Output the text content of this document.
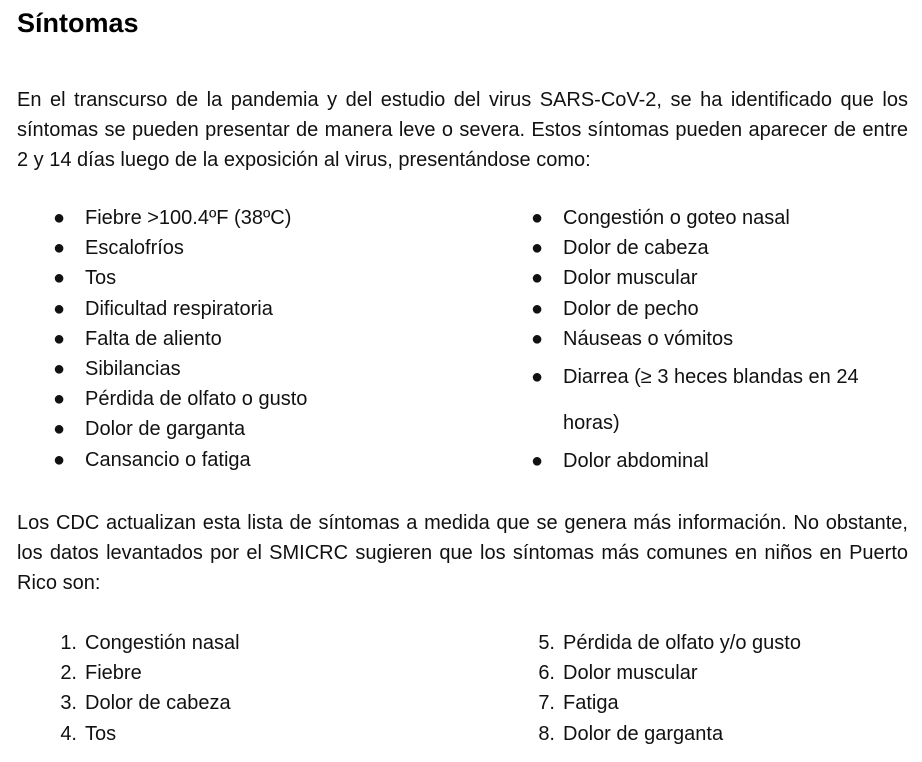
Síntomas

En el transcurso de la pandemia y del estudio del virus SARS-CoV-2, se ha identificado que los síntomas se pueden presentar de manera leve o severa. Estos síntomas pueden aparecer de entre 2 y 14 días luego de la exposición al virus, presentándose como:

● Fiebre >100.4ºF (38ºC)
● Escalofríos
● Tos
● Dificultad respiratoria
● Falta de aliento
● Sibilancias
● Pérdida de olfato o gusto
● Dolor de garganta
● Cansancio o fatiga
● Congestión o goteo nasal
● Dolor de cabeza
● Dolor muscular
● Dolor de pecho
● Náuseas o vómitos
● Diarrea (≥ 3 heces blandas en 24 horas)
● Dolor abdominal

Los CDC actualizan esta lista de síntomas a medida que se genera más información. No obstante, los datos levantados por el SMICRC sugieren que los síntomas más comunes en niños en Puerto Rico son:

1. Congestión nasal
2. Fiebre
3. Dolor de cabeza
4. Tos
5. Pérdida de olfato y/o gusto
6. Dolor muscular
7. Fatiga
8. Dolor de garganta
